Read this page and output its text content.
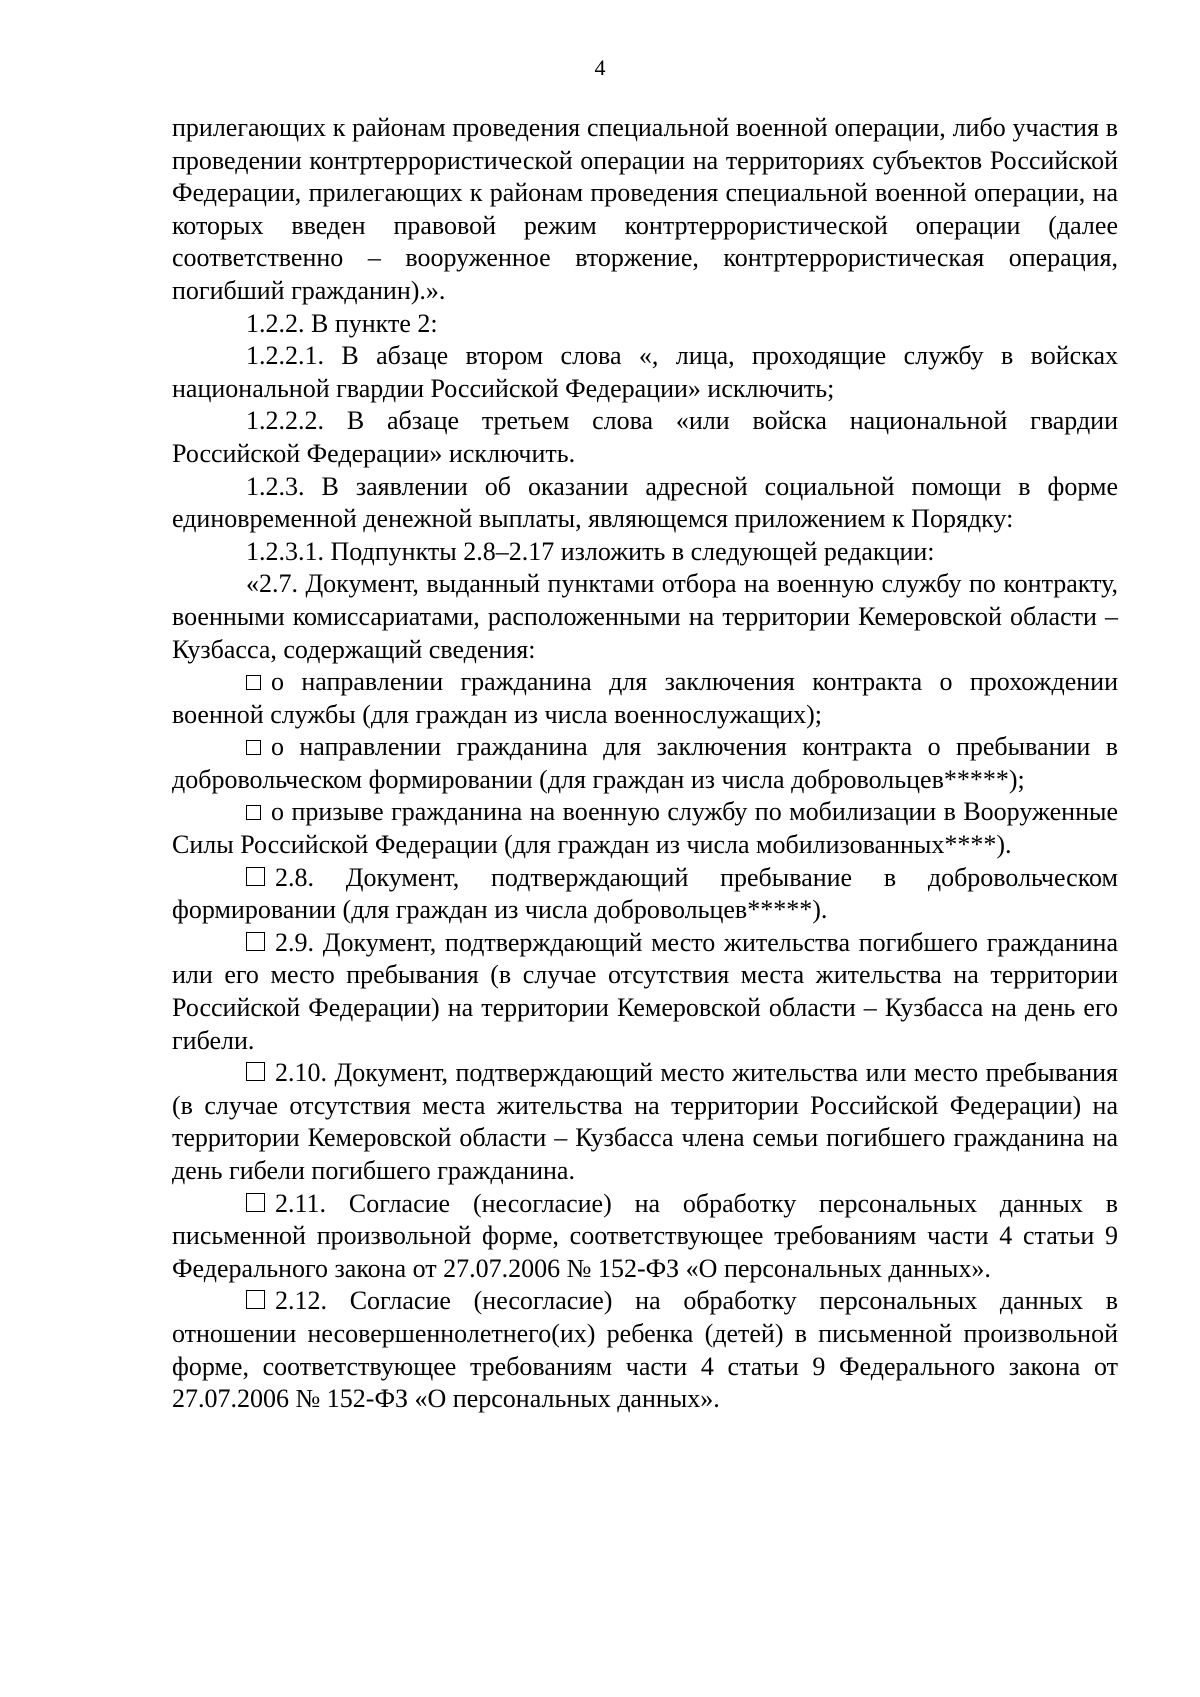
4

прилегающих к районам проведения специальной военной операции, либо участия в проведении контртеррористической операции на территориях субъектов Российской Федерации, прилегающих к районам проведения специальной военной операции, на которых введен правовой режим контртеррористической операции (далее соответственно – вооруженное вторжение, контртеррористическая операция, погибший гражданин).».

1.2.2. В пункте 2:

1.2.2.1. В абзаце втором слова «, лица, проходящие службу в войсках национальной гвардии Российской Федерации» исключить;

1.2.2.2. В абзаце третьем слова «или войска национальной гвардии Российской Федерации» исключить.

1.2.3. В заявлении об оказании адресной социальной помощи в форме единовременной денежной выплаты, являющемся приложением к Порядку:

1.2.3.1. Подпункты 2.8–2.17 изложить в следующей редакции:

«2.7. Документ, выданный пунктами отбора на военную службу по контракту, военными комиссариатами, расположенными на территории Кемеровской области – Кузбасса, содержащий сведения:

о направлении гражданина для заключения контракта о прохождении военной службы (для граждан из числа военнослужащих);

о направлении гражданина для заключения контракта о пребывании в добровольческом формировании (для граждан из числа добровольцев*****);

о призыве гражданина на военную службу по мобилизации в Вооруженные Силы Российской Федерации (для граждан из числа мобилизованных****).

2.8. Документ, подтверждающий пребывание в добровольческом формировании (для граждан из числа добровольцев*****).

2.9. Документ, подтверждающий место жительства погибшего гражданина или его место пребывания (в случае отсутствия места жительства на территории Российской Федерации) на территории Кемеровской области – Кузбасса на день его гибели.

2.10. Документ, подтверждающий место жительства или место пребывания (в случае отсутствия места жительства на территории Российской Федерации) на территории Кемеровской области – Кузбасса члена семьи погибшего гражданина на день гибели погибшего гражданина.

2.11. Согласие (несогласие) на обработку персональных данных в письменной произвольной форме, соответствующее требованиям части 4 статьи 9 Федерального закона от 27.07.2006 № 152-ФЗ «О персональных данных».

2.12. Согласие (несогласие) на обработку персональных данных в отношении несовершеннолетнего(их) ребенка (детей) в письменной произвольной форме, соответствующее требованиям части 4 статьи 9 Федерального закона от 27.07.2006 № 152-ФЗ «О персональных данных».
